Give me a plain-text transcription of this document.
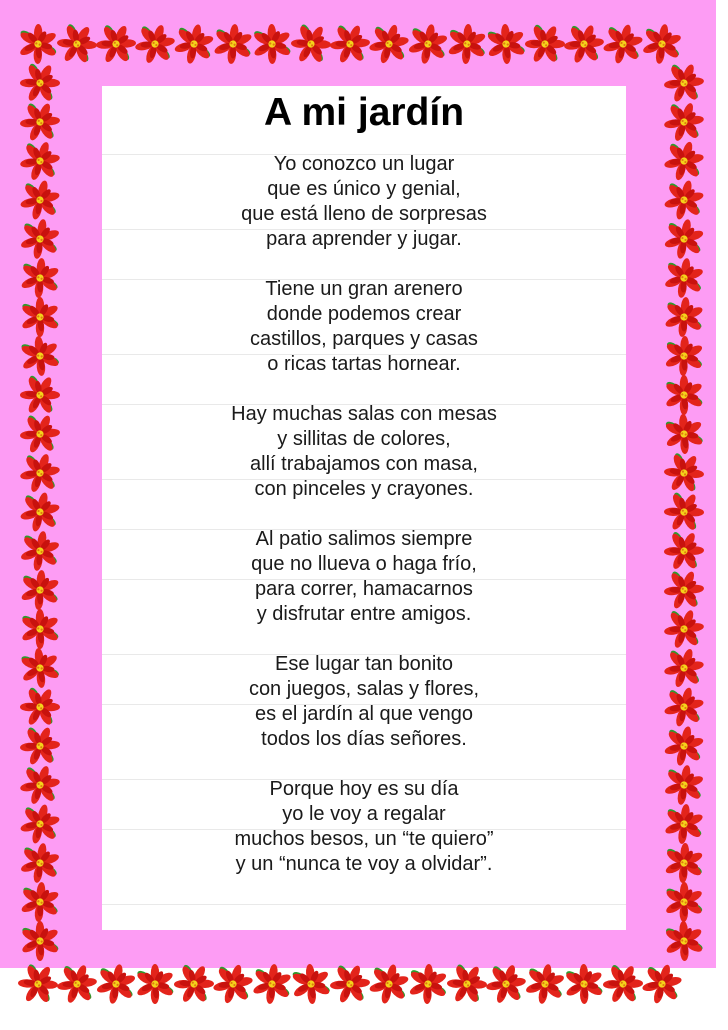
A mi jardín
Yo conozco un lugar
que es único y genial,
que está lleno de sorpresas
para aprender y jugar.
Tiene un gran arenero
donde podemos crear
castillos, parques y casas
o ricas tartas hornear.
Hay muchas salas con mesas
y sillitas de colores,
allí trabajamos con masa,
con pinceles y crayones.
Al patio salimos siempre
que no llueva o haga frío,
para correr, hamacarnos
y disfrutar entre amigos.
Ese lugar tan bonito
con juegos, salas y flores,
es el jardín al que vengo
todos los días señores.
Porque hoy es su día
yo le voy a regalar
muchos besos, un “te quiero”
y un “nunca te voy a olvidar”.
